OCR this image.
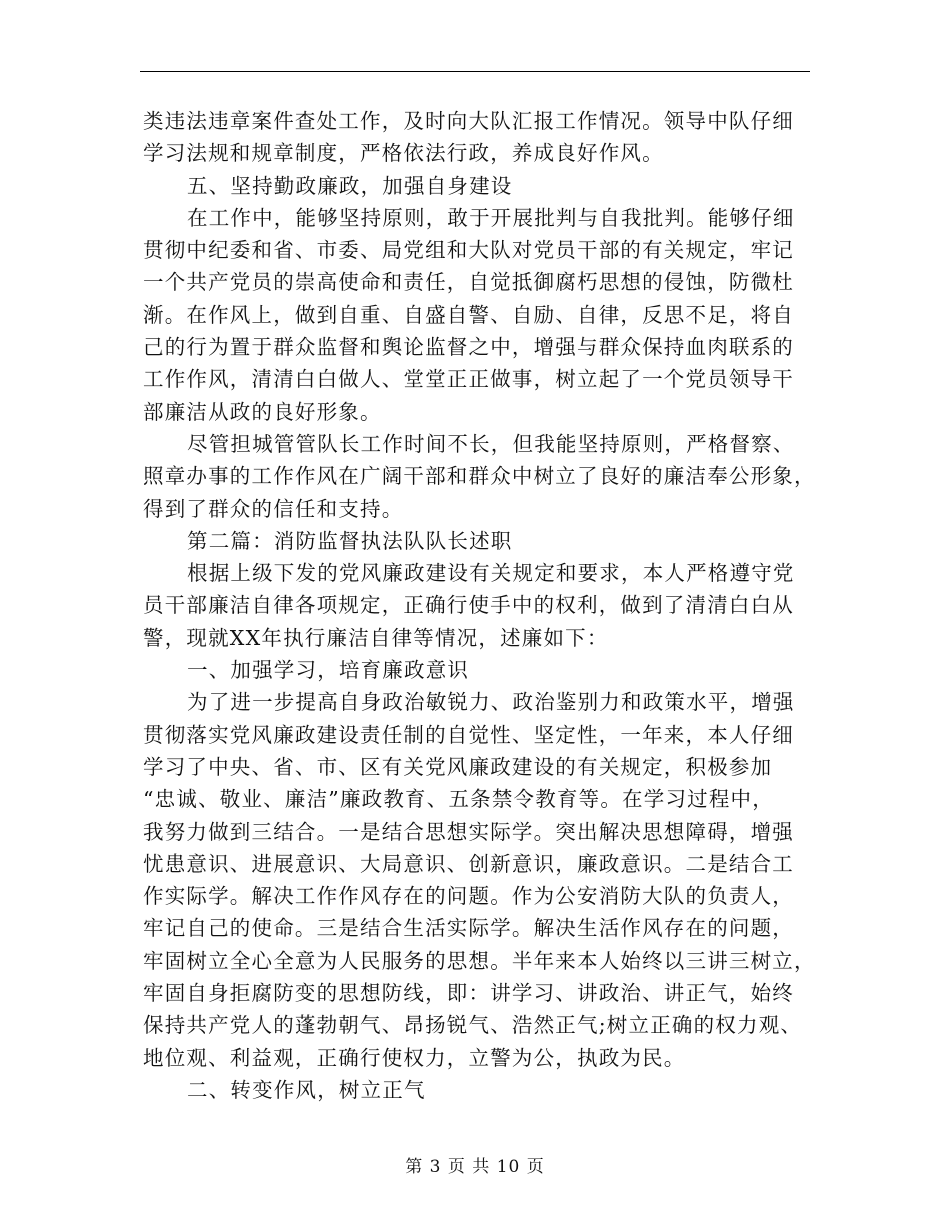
类违法违章案件查处工作，及时向大队汇报工作情况。领导中队仔细
学习法规和规章制度，严格依法行政，养成良好作风。
五、坚持勤政廉政，加强自身建设
在工作中，能够坚持原则，敢于开展批判与自我批判。能够仔细
贯彻中纪委和省、市委、局党组和大队对党员干部的有关规定，牢记
一个共产党员的崇高使命和责任，自觉抵御腐朽思想的侵蚀，防微杜
渐。在作风上，做到自重、自盛自警、自励、自律，反思不足，将自
己的行为置于群众监督和舆论监督之中，增强与群众保持血肉联系的
工作作风，清清白白做人、堂堂正正做事，树立起了一个党员领导干
部廉洁从政的良好形象。
尽管担城管管队长工作时间不长，但我能坚持原则，严格督察、
照章办事的工作作风在广阔干部和群众中树立了良好的廉洁奉公形象，
得到了群众的信任和支持。
第二篇：消防监督执法队队长述职
根据上级下发的党风廉政建设有关规定和要求，本人严格遵守党
员干部廉洁自律各项规定，正确行使手中的权利，做到了清清白白从
警，现就XX年执行廉洁自律等情况，述廉如下：
一、加强学习，培育廉政意识
为了进一步提高自身政治敏锐力、政治鉴别力和政策水平，增强
贯彻落实党风廉政建设责任制的自觉性、坚定性，一年来，本人仔细
学习了中央、省、市、区有关党风廉政建设的有关规定，积极参加
“忠诚、敬业、廉洁”廉政教育、五条禁令教育等。在学习过程中，
我努力做到三结合。一是结合思想实际学。突出解决思想障碍，增强
忧患意识、进展意识、大局意识、创新意识，廉政意识。二是结合工
作实际学。解决工作作风存在的问题。作为公安消防大队的负责人，
牢记自己的使命。三是结合生活实际学。解决生活作风存在的问题，
牢固树立全心全意为人民服务的思想。半年来本人始终以三讲三树立，
牢固自身拒腐防变的思想防线，即：讲学习、讲政治、讲正气，始终
保持共产党人的蓬勃朝气、昂扬锐气、浩然正气;树立正确的权力观、
地位观、利益观，正确行使权力，立警为公，执政为民。
二、转变作风，树立正气
第 3 页 共 10 页
